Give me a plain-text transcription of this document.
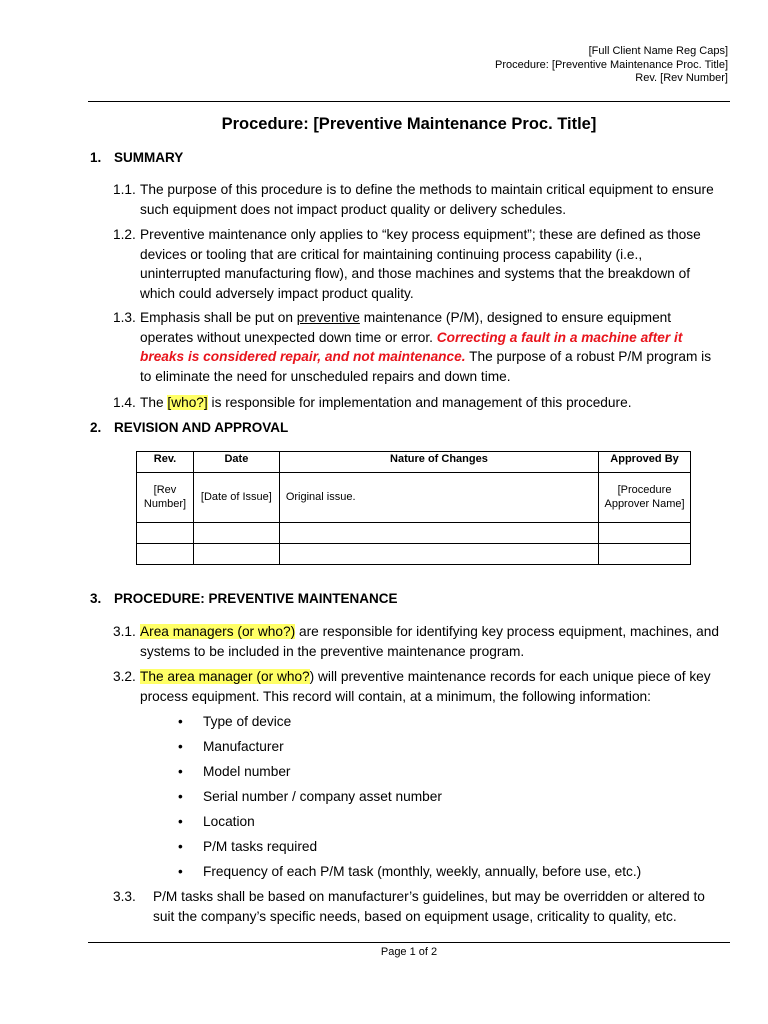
[Full Client Name Reg Caps]
Procedure: [Preventive Maintenance Proc. Title]
Rev. [Rev Number]
Procedure: [Preventive Maintenance Proc. Title]
1. SUMMARY
1.1. The purpose of this procedure is to define the methods to maintain critical equipment to ensure such equipment does not impact product quality or delivery schedules.
1.2. Preventive maintenance only applies to “key process equipment”; these are defined as those devices or tooling that are critical for maintaining continuing process capability (i.e., uninterrupted manufacturing flow), and those machines and systems that the breakdown of which could adversely impact product quality.
1.3. Emphasis shall be put on preventive maintenance (P/M), designed to ensure equipment operates without unexpected down time or error. Correcting a fault in a machine after it breaks is considered repair, and not maintenance. The purpose of a robust P/M program is to eliminate the need for unscheduled repairs and down time.
1.4. The [who?] is responsible for implementation and management of this procedure.
2. REVISION AND APPROVAL
Rev.	Date	Nature of Changes	Approved By
[Rev Number]	[Date of Issue]	Original issue.	[Procedure Approver Name]

3. PROCEDURE: PREVENTIVE MAINTENANCE
3.1. Area managers (or who?) are responsible for identifying key process equipment, machines, and systems to be included in the preventive maintenance program.
3.2. The area manager (or who?) will preventive maintenance records for each unique piece of key process equipment. This record will contain, at a minimum, the following information:
• Type of device
• Manufacturer
• Model number
• Serial number / company asset number
• Location
• P/M tasks required
• Frequency of each P/M task (monthly, weekly, annually, before use, etc.)
3.3.	P/M tasks shall be based on manufacturer’s guidelines, but may be overridden or altered to suit the company’s specific needs, based on equipment usage, criticality to quality, etc.
Page 1 of 2
